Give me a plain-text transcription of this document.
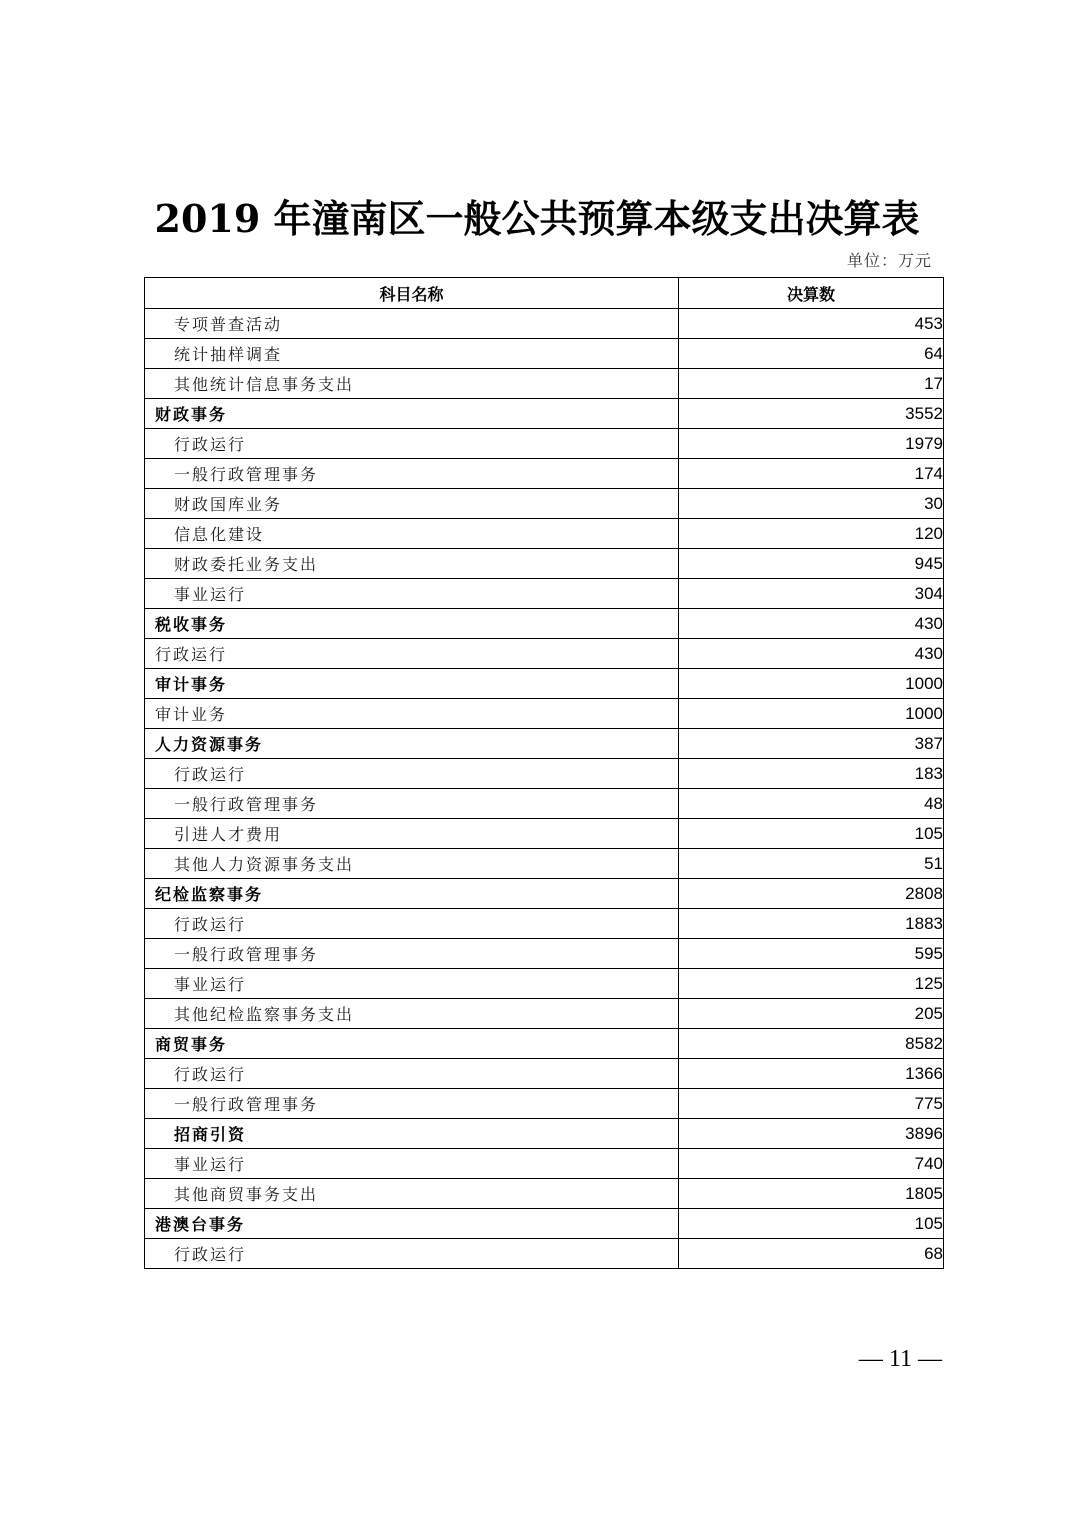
2019 年潼南区一般公共预算本级支出决算表
单位：万元
科目名称	决算数
专项普查活动	453
统计抽样调查	64
其他统计信息事务支出	17
财政事务	3552
行政运行	1979
一般行政管理事务	174
财政国库业务	30
信息化建设	120
财政委托业务支出	945
事业运行	304
税收事务	430
行政运行	430
审计事务	1000
审计业务	1000
人力资源事务	387
行政运行	183
一般行政管理事务	48
引进人才费用	105
其他人力资源事务支出	51
纪检监察事务	2808
行政运行	1883
一般行政管理事务	595
事业运行	125
其他纪检监察事务支出	205
商贸事务	8582
行政运行	1366
一般行政管理事务	775
招商引资	3896
事业运行	740
其他商贸事务支出	1805
港澳台事务	105
行政运行	68
— 11 —
